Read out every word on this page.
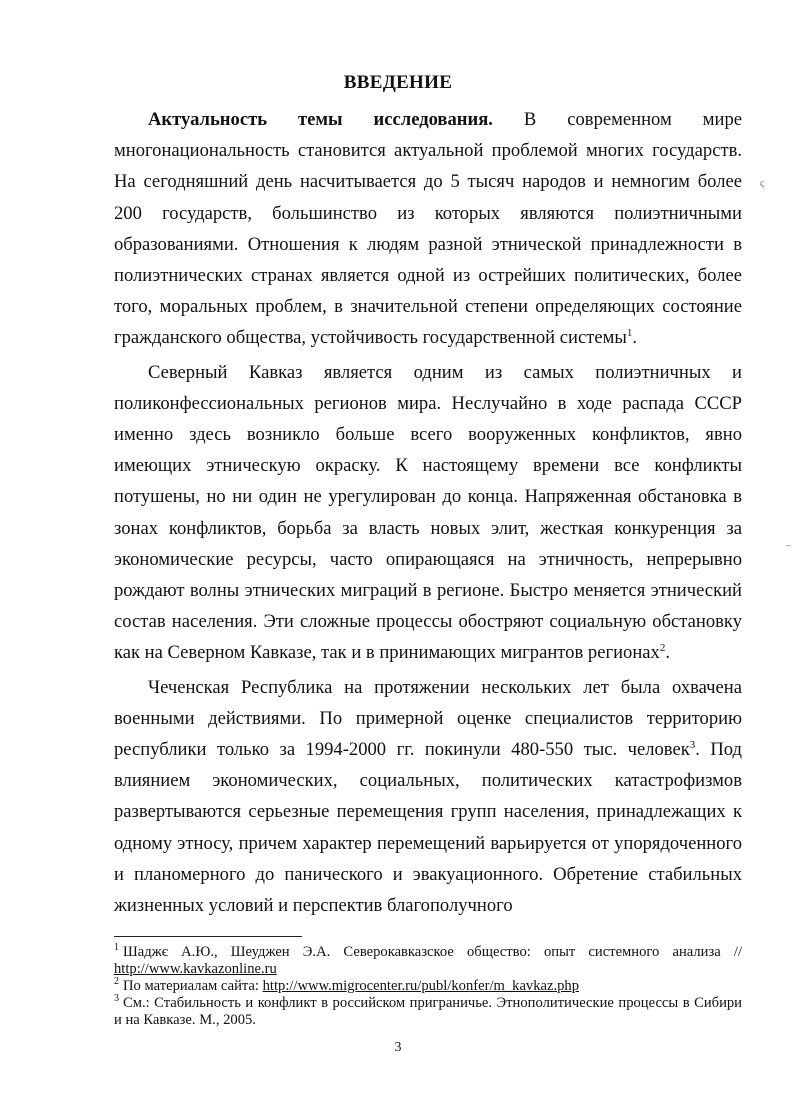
ВВЕДЕНИЕ

Актуальность темы исследования. В современном мире многонациональность становится актуальной проблемой многих государств. На сегодняшний день насчитывается до 5 тысяч народов и немногим более 200 государств, большинство из которых являются полиэтничными образованиями. Отношения к людям разной этнической принадлежности в полиэтнических странах является одной из острейших политических, более того, моральных проблем, в значительной степени определяющих состояние гражданского общества, устойчивость государственной системы$^1$.

Северный Кавказ является одним из самых полиэтничных и поликонфессиональных регионов мира. Неслучайно в ходе распада СССР именно здесь возникло больше всего вооруженных конфликтов, явно имеющих этническую окраску. К настоящему времени все конфликты потушены, но ни один не урегулирован до конца. Напряженная обстановка в зонах конфликтов, борьба за власть новых элит, жесткая конкуренция за экономические ресурсы, часто опирающаяся на этничность, непрерывно рождают волны этнических миграций в регионе. Быстро меняется этнический состав населения. Эти сложные процессы обостряют социальную обстановку как на Северном Кавказе, так и в принимающих мигрантов регионах$^2$.

Чеченская Республика на протяжении нескольких лет была охвачена военными действиями. По примерной оценке специалистов территорию республики только за 1994-2000 гг. покинули 480-550 тыс. человек$^3$. Под влиянием экономических, социальных, политических катастрофизмов развертываются серьезные перемещения групп населения, принадлежащих к одному этносу, причем характер перемещений варьируется от упорядоченного и планомерного до панического и эвакуационного. Обретение стабильных жизненных условий и перспектив благополучного

$^1$ Шаджє А.Ю., Шеуджен Э.А. Северокавказское общество: опыт системного анализа // http://www.kavkazonline.ru

$^2$ По материалам сайта: http://www.migrocenter.ru/publ/konfer/m_kavkaz.php

$^3$ См.: Стабильность и конфликт в российском приграничье. Этнополитические процессы в Сибири и на Кавказе. М., 2005.

3
ς
–
